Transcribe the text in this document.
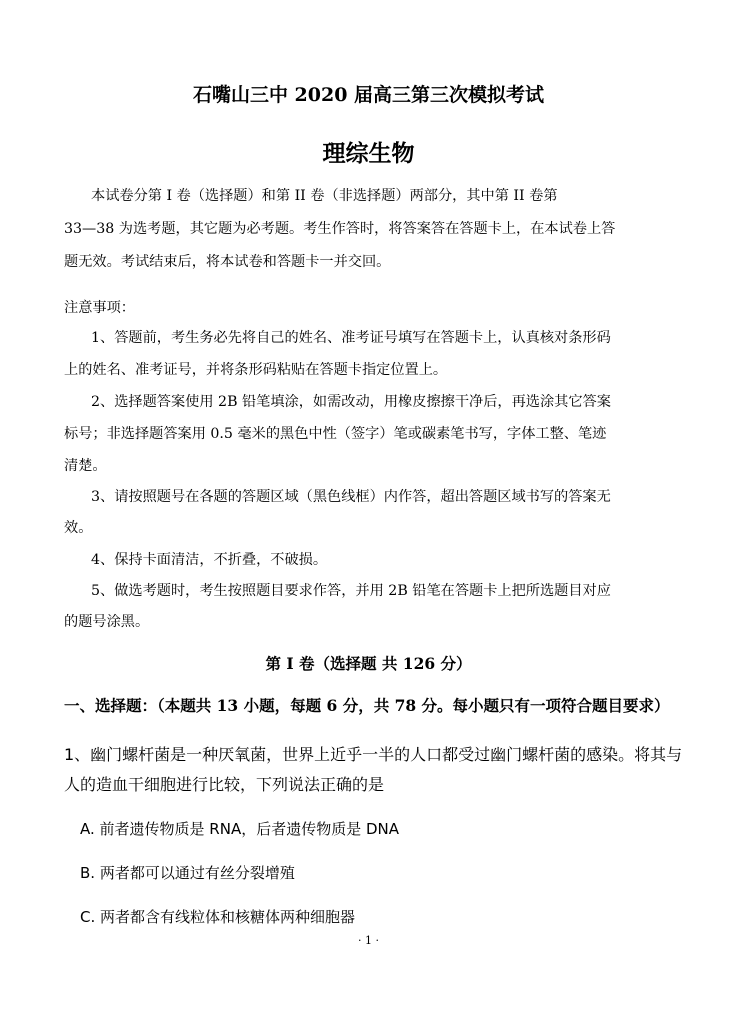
石嘴山三中 2020 届高三第三次模拟考试
理综生物
本试卷分第 I 卷（选择题）和第 II 卷（非选择题）两部分，其中第 II 卷第
33—38 为选考题，其它题为必考题。考生作答时，将答案答在答题卡上，在本试卷上答
题无效。考试结束后，将本试卷和答题卡一并交回。
注意事项：
1、答题前，考生务必先将自己的姓名、准考证号填写在答题卡上，认真核对条形码
上的姓名、准考证号，并将条形码粘贴在答题卡指定位置上。
2、选择题答案使用 2B 铅笔填涂，如需改动，用橡皮擦擦干净后，再选涂其它答案
标号；非选择题答案用 0.5 毫米的黑色中性（签字）笔或碳素笔书写，字体工整、笔迹
清楚。
3、请按照题号在各题的答题区域（黑色线框）内作答，超出答题区域书写的答案无
效。
4、保持卡面清洁，不折叠，不破损。
5、做选考题时，考生按照题目要求作答，并用 2B 铅笔在答题卡上把所选题目对应
的题号涂黑。
第 I 卷（选择题 共 126 分）
一、选择题：（本题共 13 小题，每题 6 分，共 78 分。每小题只有一项符合题目要求）
1、幽门螺杆菌是一种厌氧菌，世界上近乎一半的人口都受过幽门螺杆菌的感染。将其与
人的造血干细胞进行比较，下列说法正确的是
A. 前者遗传物质是 RNA，后者遗传物质是 DNA
B. 两者都可以通过有丝分裂增殖
C. 两者都含有线粒体和核糖体两种细胞器
· 1 ·
